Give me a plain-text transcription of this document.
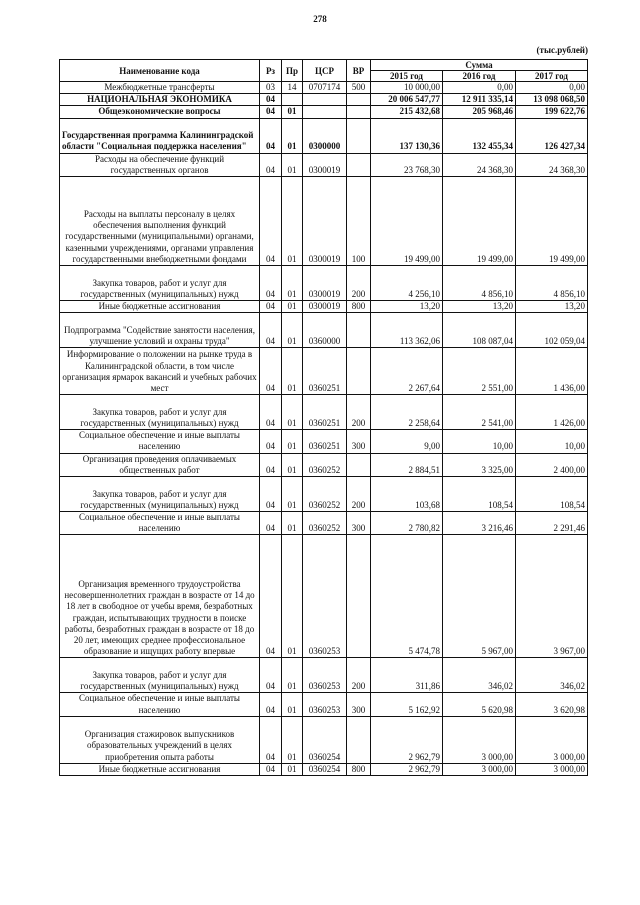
278
(тыс.рублей)
Наименование кода	Рз	Пр	ЦСР	ВР	Сумма		
					2015 год	2016 год	2017 год
Межбюджетные трансферты	03	14	0707174	500	10 000,00	0,00	0,00
НАЦИОНАЛЬНАЯ ЭКОНОМИКА	04				20 006 547,77	12 911 335,14	13 098 068,50
Общеэкономические вопросы	04	01			215 432,68	205 968,46	199 622,76
Государственная программа Калининградской области "Социальная поддержка населения"	04	01	0300000		137 130,36	132 455,34	126 427,34
Расходы на обеспечение функций государственных органов	04	01	0300019		23 768,30	24 368,30	24 368,30
Расходы на выплаты персоналу в целях обеспечения выполнения функций государственными (муниципальными) органами, казенными учреждениями, органами управления государственными внебюджетными фондами	04	01	0300019	100	19 499,00	19 499,00	19 499,00
Закупка товаров, работ и услуг для государственных (муниципальных) нужд	04	01	0300019	200	4 256,10	4 856,10	4 856,10
Иные бюджетные ассигнования	04	01	0300019	800	13,20	13,20	13,20
Подпрограмма "Содействие занятости населения, улучшение условий и охраны труда"	04	01	0360000		113 362,06	108 087,04	102 059,04
Информирование о положении на рынке труда в Калининградской области, в том числе организация ярмарок вакансий и учебных рабочих мест	04	01	0360251		2 267,64	2 551,00	1 436,00
Закупка товаров, работ и услуг для государственных (муниципальных) нужд	04	01	0360251	200	2 258,64	2 541,00	1 426,00
Социальное обеспечение и иные выплаты населению	04	01	0360251	300	9,00	10,00	10,00
Организация проведения оплачиваемых общественных работ	04	01	0360252		2 884,51	3 325,00	2 400,00
Закупка товаров, работ и услуг для государственных (муниципальных) нужд	04	01	0360252	200	103,68	108,54	108,54
Социальное обеспечение и иные выплаты населению	04	01	0360252	300	2 780,82	3 216,46	2 291,46
Организация временного трудоустройства несовершеннолетних граждан в возрасте от 14 до 18 лет в свободное от учебы время, безработных граждан, испытывающих трудности в поиске работы, безработных граждан в возрасте от 18 до 20 лет, имеющих среднее профессиональное образование и ищущих работу впервые	04	01	0360253		5 474,78	5 967,00	3 967,00
Закупка товаров, работ и услуг для государственных (муниципальных) нужд	04	01	0360253	200	311,86	346,02	346,02
Социальное обеспечение и иные выплаты населению	04	01	0360253	300	5 162,92	5 620,98	3 620,98
Организация стажировок выпускников образовательных учреждений в целях приобретения опыта работы	04	01	0360254		2 962,79	3 000,00	3 000,00
Иные бюджетные ассигнования	04	01	0360254	800	2 962,79	3 000,00	3 000,00
